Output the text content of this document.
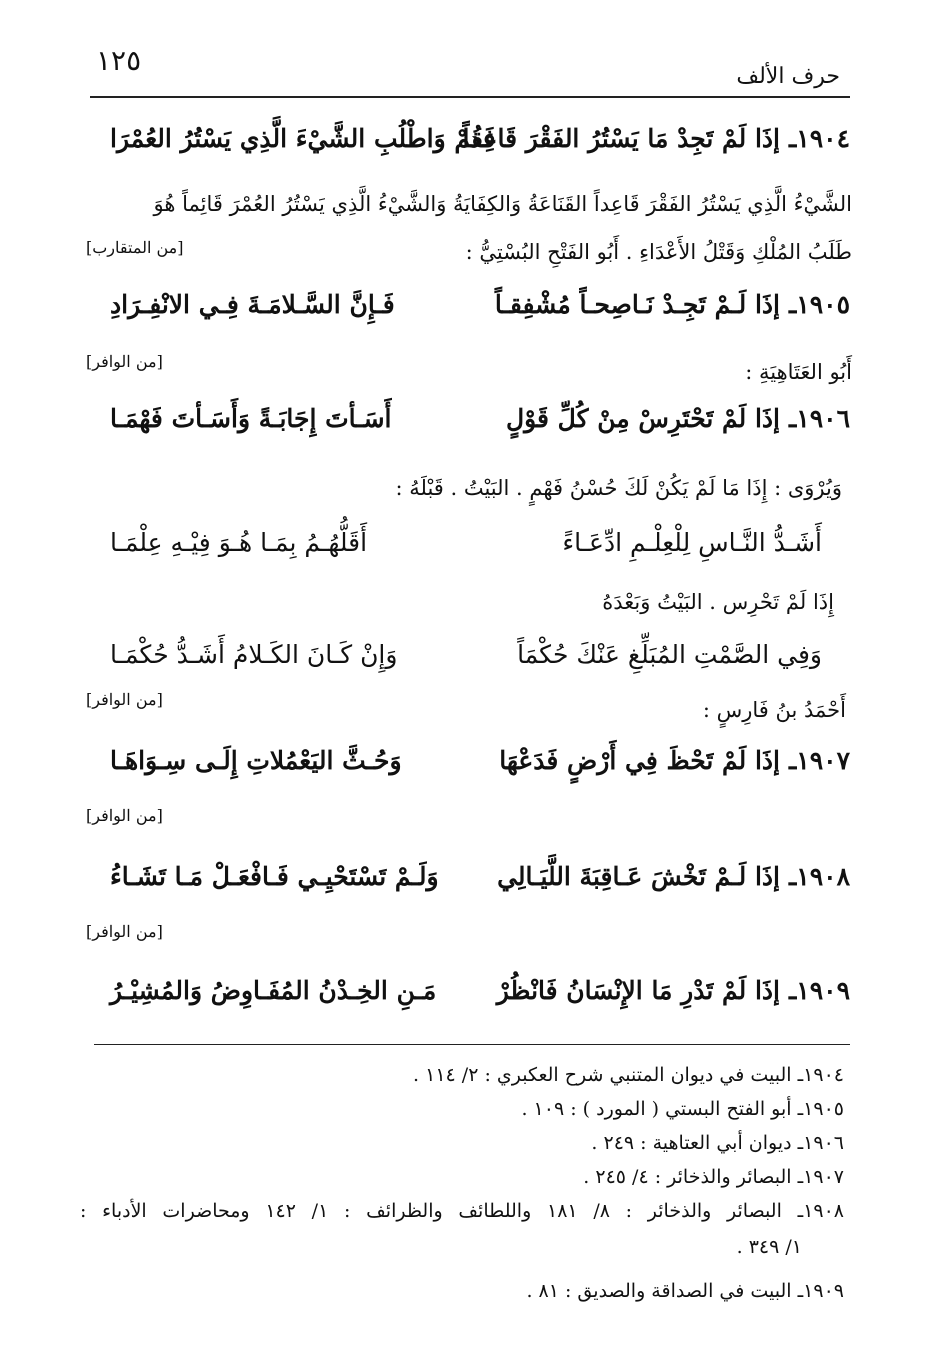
١٢٥	حرف الألف
١٩٠٤ـ
إذَا لَمْ تَجِدْ مَا يَسْتُرُ الفَقْرَ قَاعِداً
فَقُمْ وَاطْلُبِ الشَّيْءَ الَّذِي يَسْتُرُ العُمْرَا
الشَّيْءُ الَّذِي يَسْتُرُ الفَقْرَ قَاعِداً القَنَاعَةُ وَالكِفَايَةُ وَالشَّيْءُ الَّذِي يَسْتُرُ العُمْرَ قَائِماً هُوَ
طَلَبُ المُلْكِ وَقَتْلُ الأَعْدَاءِ . أَبُو الفَتْحِ البُسْتِيُّ :
[من المتقارب]
١٩٠٥ـ
إذَا لَـمْ تَجِـدْ نَـاصِحـاً مُشْفِقـاً
فَـإِنَّ السَّـلامَـةَ فِـي الانْفِـرَادِ
أَبُو العَتَاهِيَةِ :
[من الوافر]
١٩٠٦ـ
إذَا لَمْ تَحْتَرِسْ مِنْ كُلِّ قَوْلٍ
أَسَـأتَ إِجَابَـةً وَأَسَـأتَ فَهْمَـا
وَيُرْوَى : إِذَا مَا لَمْ يَكُنْ لَكَ حُسْنُ فَهْمٍ . البَيْتُ . قَبْلَهُ :
أَشَـدُّ النَّـاسِ لِلْعِلْـمِ ادِّعَـاءً
أَقَلُّهُـمُ بِمَـا هُـوَ فِيْـهِ عِلْمَـا
إِذَا لَمْ تَحْرِس . البَيْتُ وَبَعْدَهُ
وَفِي الصَّمْتِ المُبَلِّغِ عَنْكَ حُكْمَاً
وَإِنْ كَـانَ الكَـلامُ أَشَـدُّ حُكْمَـا
أَحْمَدُ بنُ فَارِسٍ :
[من الوافر]
١٩٠٧ـ
إذَا لَمْ تَحْظَ فِي أَرْضٍ فَدَعْهَا
وَحُـثَّ اليَعْمُلاتِ إِلَـى سِـوَاهَـا
[من الوافر]
١٩٠٨ـ
إذَا لَـمْ تَخْشَ عَـاقِبَةَ اللَّيَـالِي
وَلَـمْ تَسْتَحْيِـي فَـافْعَـلْ مَـا تَشَـاءُ
[من الوافر]
١٩٠٩ـ
إذَا لَمْ تَدْرِ مَا الإِنْسَانُ فَانْظُرْ
مَـنِ الخِـدْنُ المُفَـاوِضُ وَالمُشِيْـرُ
١٩٠٤ـ البيت في ديوان المتنبي شرح العكبري : ٢/ ١١٤ .
١٩٠٥ـ أبو الفتح البستي ( المورد ) : ١٠٩ .
١٩٠٦ـ ديوان أبي العتاهية : ٢٤٩ .
١٩٠٧ـ البصائر والذخائر : ٤/ ٢٤٥ .
١٩٠٨ـ البصائر والذخائر : ٨/ ١٨١ واللطائف والظرائف : ١/ ١٤٢ ومحاضرات الأدباء :
١/ ٣٤٩ .
١٩٠٩ـ البيت في الصداقة والصديق : ٨١ .
